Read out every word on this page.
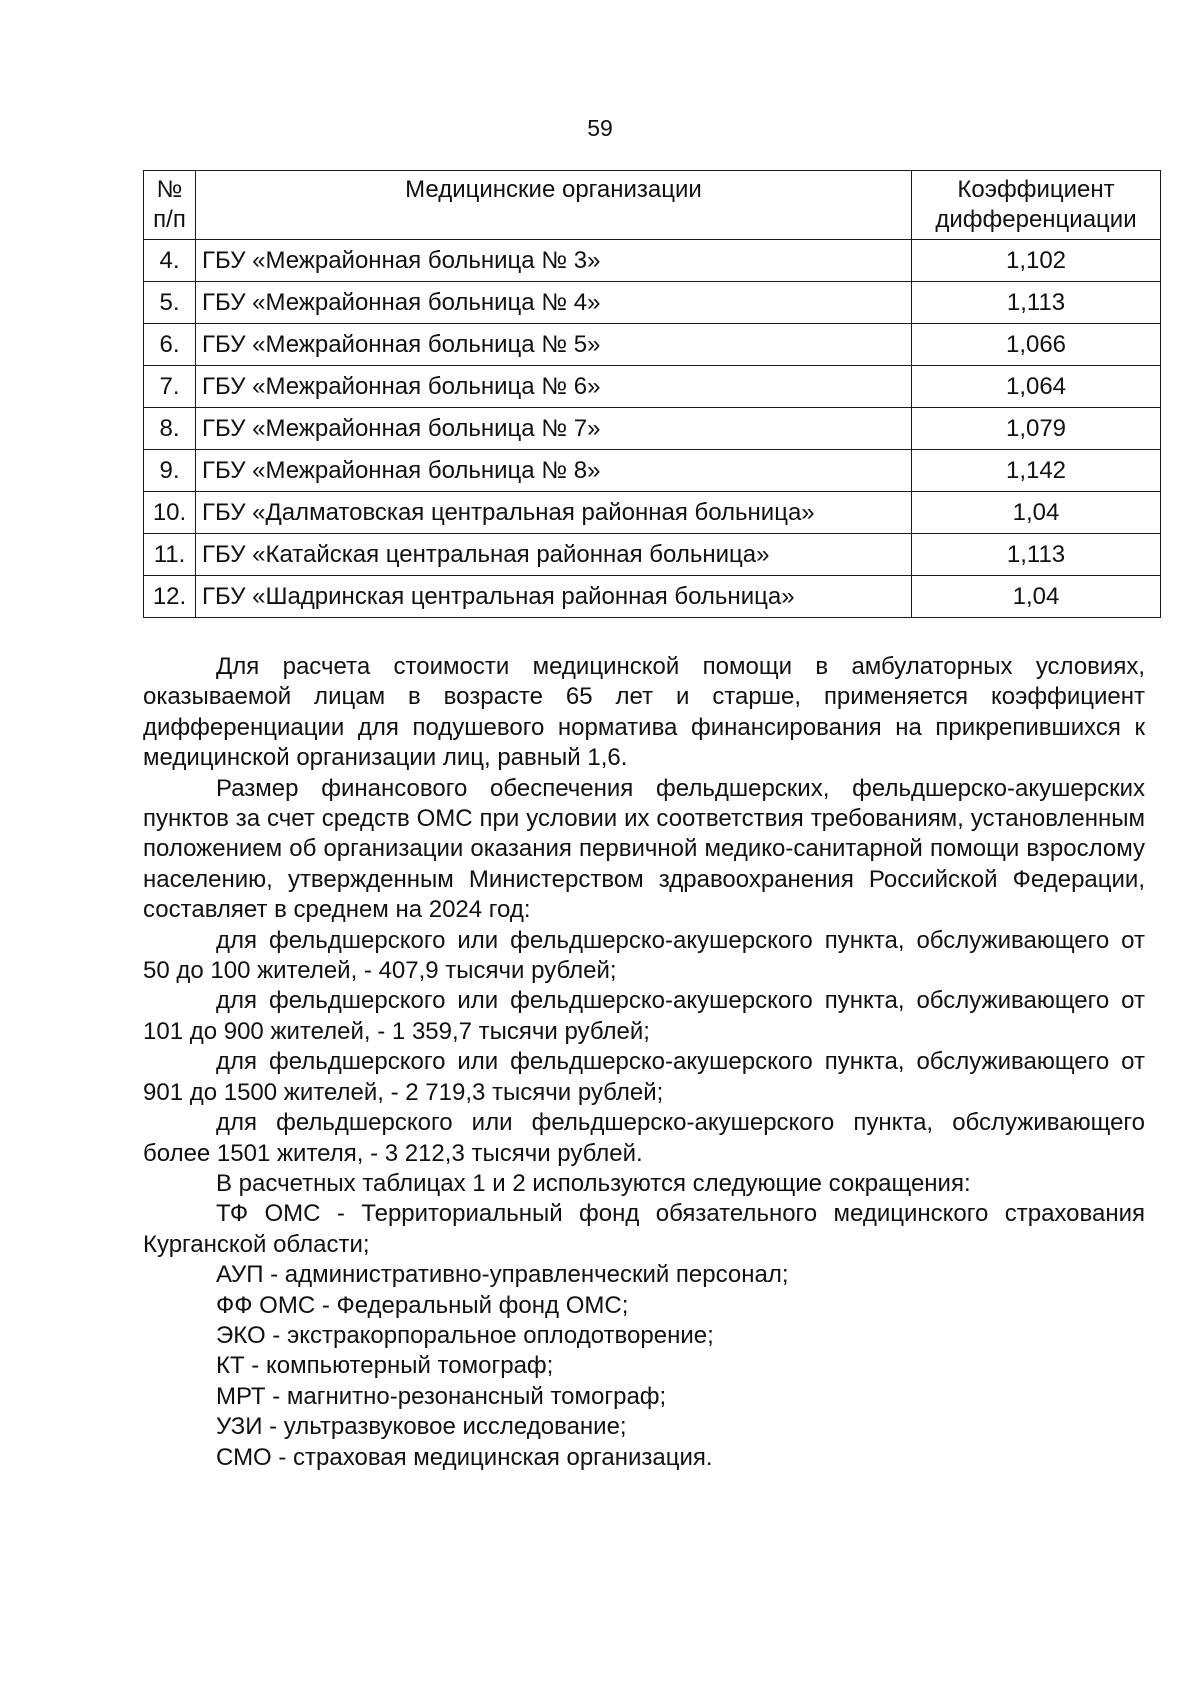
59
№ п/п	Медицинские организации	Коэффициент дифференциации
4.	ГБУ «Межрайонная больница № 3»	1,102
5.	ГБУ «Межрайонная больница № 4»	1,113
6.	ГБУ «Межрайонная больница № 5»	1,066
7.	ГБУ «Межрайонная больница № 6»	1,064
8.	ГБУ «Межрайонная больница № 7»	1,079
9.	ГБУ «Межрайонная больница № 8»	1,142
10.	ГБУ «Далматовская центральная районная больница»	1,04
11.	ГБУ «Катайская центральная районная больница»	1,113
12.	ГБУ «Шадринская центральная районная больница»	1,04

Для расчета стоимости медицинской помощи в амбулаторных условиях, оказываемой лицам в возрасте 65 лет и старше, применяется коэффициент дифференциации для подушевого норматива финансирования на прикрепившихся к медицинской организации лиц, равный 1,6.

Размер финансового обеспечения фельдшерских, фельдшерско-акушерских пунктов за счет средств ОМС при условии их соответствия требованиям, установленным положением об организации оказания первичной медико-санитарной помощи взрослому населению, утвержденным Министерством здравоохранения Российской Федерации, составляет в среднем на 2024 год:

для фельдшерского или фельдшерско-акушерского пункта, обслуживающего от 50 до 100 жителей, - 407,9 тысячи рублей;

для фельдшерского или фельдшерско-акушерского пункта, обслуживающего от 101 до 900 жителей, - 1 359,7 тысячи рублей;

для фельдшерского или фельдшерско-акушерского пункта, обслуживающего от 901 до 1500 жителей, - 2 719,3 тысячи рублей;

для фельдшерского или фельдшерско-акушерского пункта, обслуживающего более 1501 жителя, - 3 212,3 тысячи рублей.

В расчетных таблицах 1 и 2 используются следующие сокращения:

ТФ ОМС - Территориальный фонд обязательного медицинского страхования Курганской области;

АУП - административно-управленческий персонал;

ФФ ОМС - Федеральный фонд ОМС;

ЭКО - экстракорпоральное оплодотворение;

КТ - компьютерный томограф;

МРТ - магнитно-резонансный томограф;

УЗИ - ультразвуковое исследование;

СМО - страховая медицинская организация.
